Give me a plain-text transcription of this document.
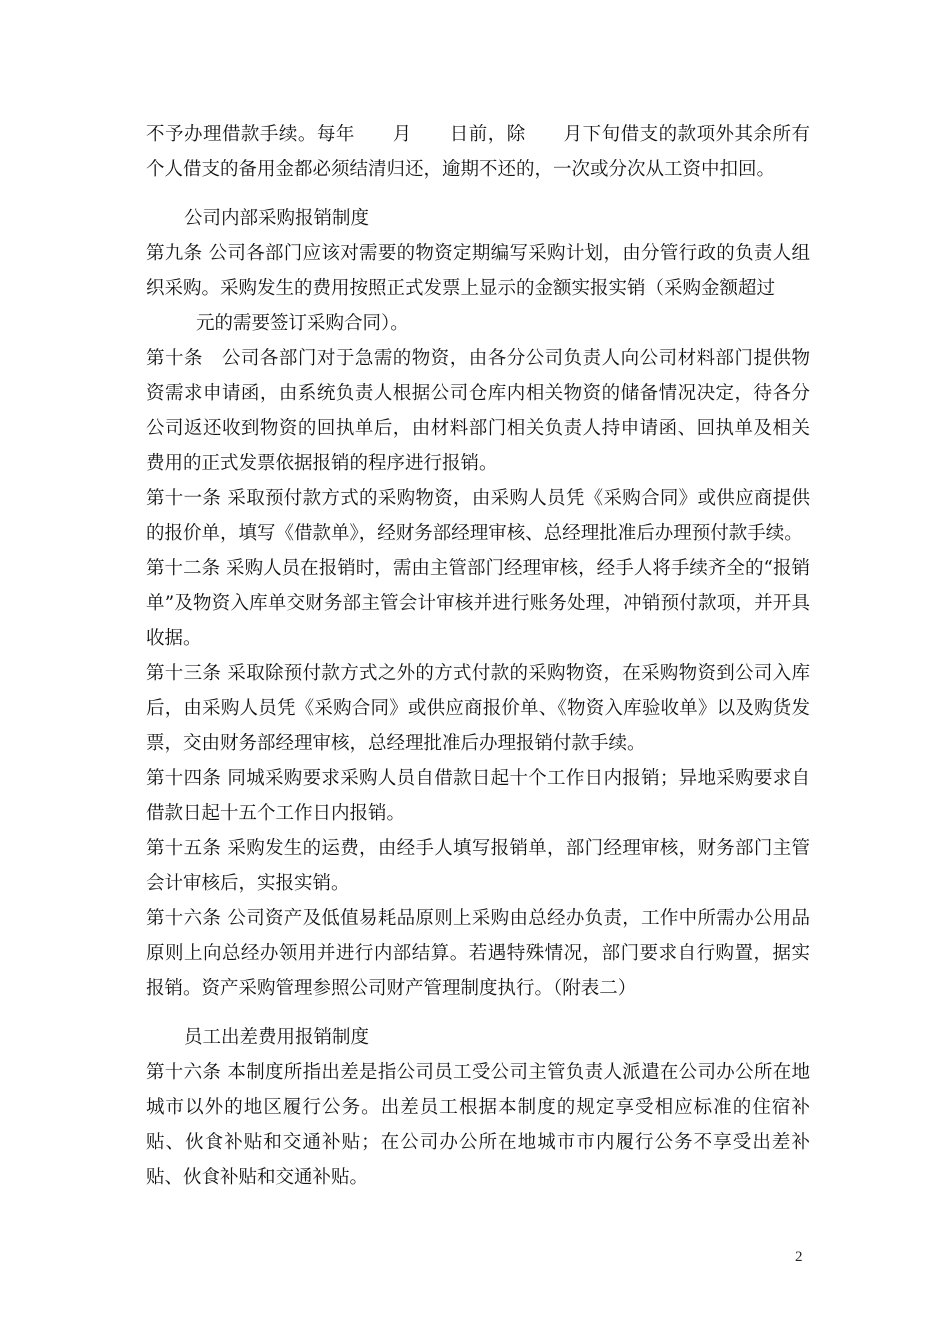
不予办理借款手续。每年　　月　　日前，除　　月下旬借支的款项外其余所有个人借支的备用金都必须结清归还，逾期不还的，一次或分次从工资中扣回。

公司内部采购报销制度

第九条 公司各部门应该对需要的物资定期编写采购计划，由分管行政的负责人组织采购。采购发生的费用按照正式发票上显示的金额实报实销（采购金额超过

元的需要签订采购合同）。

第十条　公司各部门对于急需的物资，由各分公司负责人向公司材料部门提供物资需求申请函，由系统负责人根据公司仓库内相关物资的储备情况决定，待各分公司返还收到物资的回执单后，由材料部门相关负责人持申请函、回执单及相关费用的正式发票依据报销的程序进行报销。

第十一条 采取预付款方式的采购物资，由采购人员凭《采购合同》或供应商提供的报价单，填写《借款单》，经财务部经理审核、总经理批准后办理预付款手续。

第十二条 采购人员在报销时，需由主管部门经理审核，经手人将手续齐全的“报销单”及物资入库单交财务部主管会计审核并进行账务处理，冲销预付款项，并开具收据。

第十三条 采取除预付款方式之外的方式付款的采购物资，在采购物资到公司入库后，由采购人员凭《采购合同》或供应商报价单、《物资入库验收单》以及购货发票，交由财务部经理审核，总经理批准后办理报销付款手续。

第十四条 同城采购要求采购人员自借款日起十个工作日内报销；异地采购要求自借款日起十五个工作日内报销。

第十五条 采购发生的运费，由经手人填写报销单，部门经理审核，财务部门主管会计审核后，实报实销。

第十六条 公司资产及低值易耗品原则上采购由总经办负责，工作中所需办公用品原则上向总经办领用并进行内部结算。若遇特殊情况，部门要求自行购置，据实报销。资产采购管理参照公司财产管理制度执行。（附表二）

员工出差费用报销制度

第十六条 本制度所指出差是指公司员工受公司主管负责人派遣在公司办公所在地城市以外的地区履行公务。出差员工根据本制度的规定享受相应标准的住宿补贴、伙食补贴和交通补贴；在公司办公所在地城市市内履行公务不享受出差补贴、伙食补贴和交通补贴。

2
